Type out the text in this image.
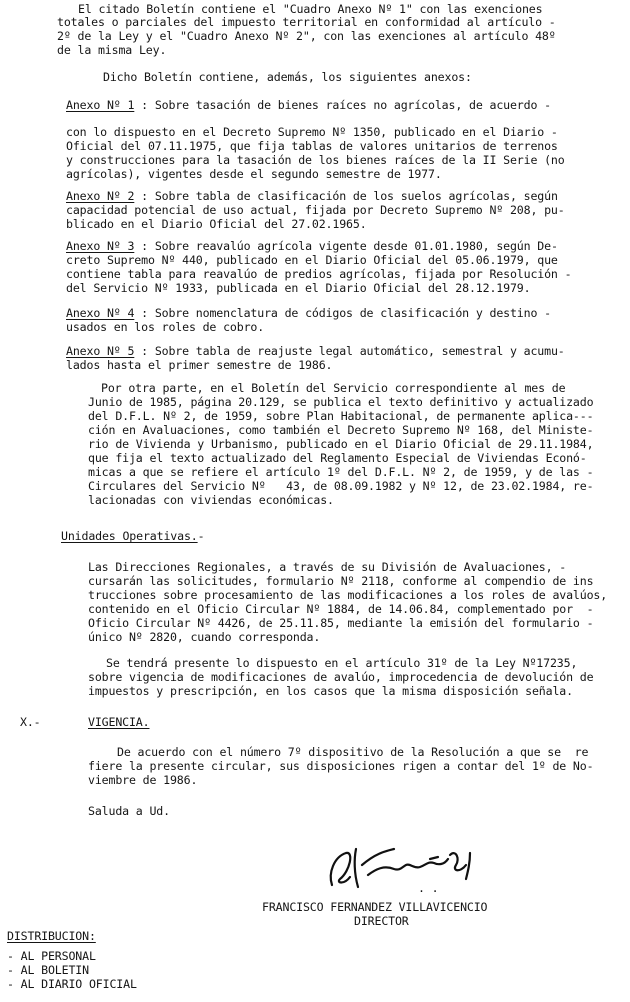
El citado Boletín contiene el "Cuadro Anexo Nº 1" con las exenciones
totales o parciales del impuesto territorial en conformidad al artículo -
2º de la Ley y el "Cuadro Anexo Nº 2", con las exenciones al artículo 48º
de la misma Ley.
Dicho Boletín contiene, además, los siguientes anexos:
Anexo Nº 1 : Sobre tasación de bienes raíces no agrícolas, de acuerdo -
con lo dispuesto en el Decreto Supremo Nº 1350, publicado en el Diario -
Oficial del 07.11.1975, que fija tablas de valores unitarios de terrenos
y construcciones para la tasación de los bienes raíces de la II Serie (no
agrícolas), vigentes desde el segundo semestre de 1977.
Anexo Nº 2 : Sobre tabla de clasificación de los suelos agrícolas, según
capacidad potencial de uso actual, fijada por Decreto Supremo Nº 208, pu-
blicado en el Diario Oficial del 27.02.1965.
Anexo Nº 3 : Sobre reavalúo agrícola vigente desde 01.01.1980, según De-
creto Supremo Nº 440, publicado en el Diario Oficial del 05.06.1979, que
contiene tabla para reavalúo de predios agrícolas, fijada por Resolución -
del Servicio Nº 1933, publicada en el Diario Oficial del 28.12.1979.
Anexo Nº 4 : Sobre nomenclatura de códigos de clasificación y destino -
usados en los roles de cobro.
Anexo Nº 5 : Sobre tabla de reajuste legal automático, semestral y acumu-
lados hasta el primer semestre de 1986.
Por otra parte, en el Boletín del Servicio correspondiente al mes de
Junio de 1985, página 20.129, se publica el texto definitivo y actualizado
del D.F.L. Nº 2, de 1959, sobre Plan Habitacional, de permanente aplica---
ción en Avaluaciones, como también el Decreto Supremo Nº 168, del Ministe-
rio de Vivienda y Urbanismo, publicado en el Diario Oficial de 29.11.1984,
que fija el texto actualizado del Reglamento Especial de Viviendas Econó-
micas a que se refiere el artículo 1º del D.F.L. Nº 2, de 1959, y de las -
Circulares del Servicio Nº   43, de 08.09.1982 y Nº 12, de 23.02.1984, re-
lacionadas con viviendas económicas.
Unidades Operativas.-
Las Direcciones Regionales, a través de su División de Avaluaciones, -
cursarán las solicitudes, formulario Nº 2118, conforme al compendio de ins
trucciones sobre procesamiento de las modificaciones a los roles de avalúos,
contenido en el Oficio Circular Nº 1884, de 14.06.84, complementado por  -
Oficio Circular Nº 4426, de 25.11.85, mediante la emisión del formulario -
único Nº 2820, cuando corresponda.
Se tendrá presente lo dispuesto en el artículo 31º de la Ley Nº17235,
sobre vigencia de modificaciones de avalúo, improcedencia de devolución de
impuestos y prescripción, en los casos que la misma disposición señala.
X.-	VIGENCIA.
De acuerdo con el número 7º dispositivo de la Resolución a que se  re
fiere la presente circular, sus disposiciones rigen a contar del 1º de No-
viembre de 1986.
Saluda a Ud.
· ·
FRANCISCO FERNANDEZ VILLAVICENCIO
DIRECTOR
DISTRIBUCION:
- AL PERSONAL
- AL BOLETIN
- AL DIARIO OFICIAL
